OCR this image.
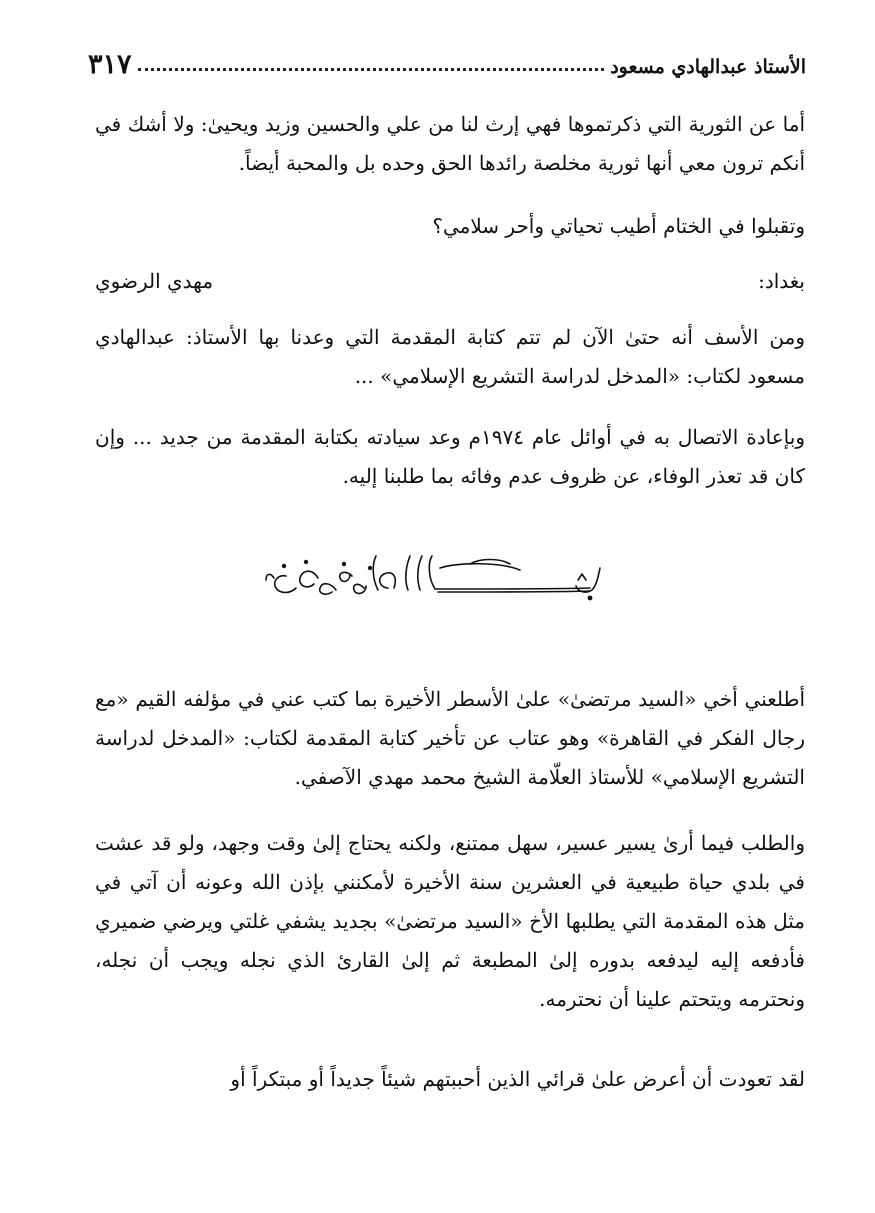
الأستاذ عبدالهادي مسعود
٣١٧

أما عن الثورية التي ذكرتموها فهي إرث لنا من علي والحسين وزيد ويحيىٰ: ولا أشك في أنكم ترون معي أنها ثورية مخلصة رائدها الحق وحده بل والمحبة أيضاً.

وتقبلوا في الختام أطيب تحياتي وأحر سلامي؟

بغداد:
مهدي الرضوي

ومن الأسف أنه حتىٰ الآن لم تتم كتابة المقدمة التي وعدنا بها الأستاذ: عبدالهادي مسعود لكتاب: «المدخل لدراسة التشريع الإسلامي» ...

وبإعادة الاتصال به في أوائل عام ١٩٧٤م وعد سيادته بكتابة المقدمة من جديد ... وإن كان قد تعذر الوفاء، عن ظروف عدم وفائه بما طلبنا إليه.

أطلعني أخي «السيد مرتضىٰ» علىٰ الأسطر الأخيرة بما كتب عني في مؤلفه القيم «مع رجال الفكر في القاهرة» وهو عتاب عن تأخير كتابة المقدمة لكتاب: «المدخل لدراسة التشريع الإسلامي» للأستاذ العلّامة الشيخ محمد مهدي الآصفي.

والطلب فيما أرىٰ يسير عسير، سهل ممتنع، ولكنه يحتاج إلىٰ وقت وجهد، ولو قد عشت في بلدي حياة طبيعية في العشرين سنة الأخيرة لأمكنني بإذن الله وعونه أن آتي في مثل هذه المقدمة التي يطلبها الأخ «السيد مرتضىٰ» بجديد يشفي غلتي ويرضي ضميري فأدفعه إليه ليدفعه بدوره إلىٰ المطبعة ثم إلىٰ القارئ الذي نجله ويجب أن نجله، ونحترمه ويتحتم علينا أن نحترمه.

لقد تعودت أن أعرض علىٰ قرائي الذين أحببتهم شيئاً جديداً أو مبتكراً أو
